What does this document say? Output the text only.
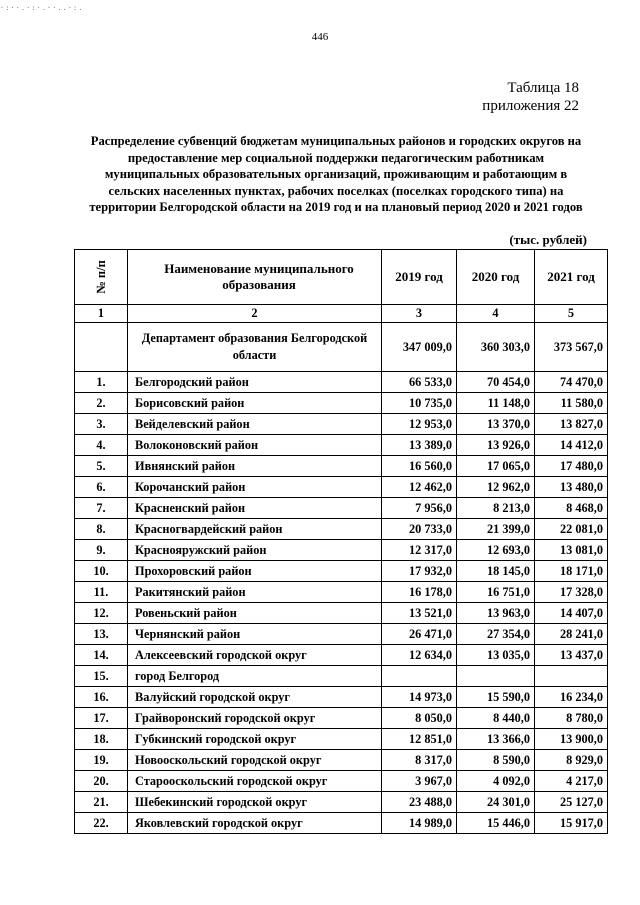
·:··.·:·.··..·:.
446
Таблица 18
приложения 22
Распределение субвенций бюджетам муниципальных районов и городских округов на предоставление мер социальной поддержки педагогическим работникам муниципальных образовательных организаций, проживающим и работающим в сельских населенных пунктах, рабочих поселках (поселках городского типа) на территории Белгородской области на 2019 год и на плановый период 2020 и 2021 годов
(тыс. рублей)
№ п/п	Наименование муниципального образования	2019 год	2020 год	2021 год
1	2	3	4	5
	Департамент образования Белгородской области	347 009,0	360 303,0	373 567,0
1.	Белгородский район	66 533,0	70 454,0	74 470,0
2.	Борисовский район	10 735,0	11 148,0	11 580,0
3.	Вейделевский район	12 953,0	13 370,0	13 827,0
4.	Волоконовский район	13 389,0	13 926,0	14 412,0
5.	Ивнянский район	16 560,0	17 065,0	17 480,0
6.	Корочанский район	12 462,0	12 962,0	13 480,0
7.	Красненский район	7 956,0	8 213,0	8 468,0
8.	Красногвардейский район	20 733,0	21 399,0	22 081,0
9.	Краснояружский район	12 317,0	12 693,0	13 081,0
10.	Прохоровский район	17 932,0	18 145,0	18 171,0
11.	Ракитянский район	16 178,0	16 751,0	17 328,0
12.	Ровеньский район	13 521,0	13 963,0	14 407,0
13.	Чернянский район	26 471,0	27 354,0	28 241,0
14.	Алексеевский городской округ	12 634,0	13 035,0	13 437,0
15.	город Белгород			
16.	Валуйский городской округ	14 973,0	15 590,0	16 234,0
17.	Грайворонский городской округ	8 050,0	8 440,0	8 780,0
18.	Губкинский городской округ	12 851,0	13 366,0	13 900,0
19.	Новооскольский городской округ	8 317,0	8 590,0	8 929,0
20.	Старооскольский городской округ	3 967,0	4 092,0	4 217,0
21.	Шебекинский городской округ	23 488,0	24 301,0	25 127,0
22.	Яковлевский городской округ	14 989,0	15 446,0	15 917,0
